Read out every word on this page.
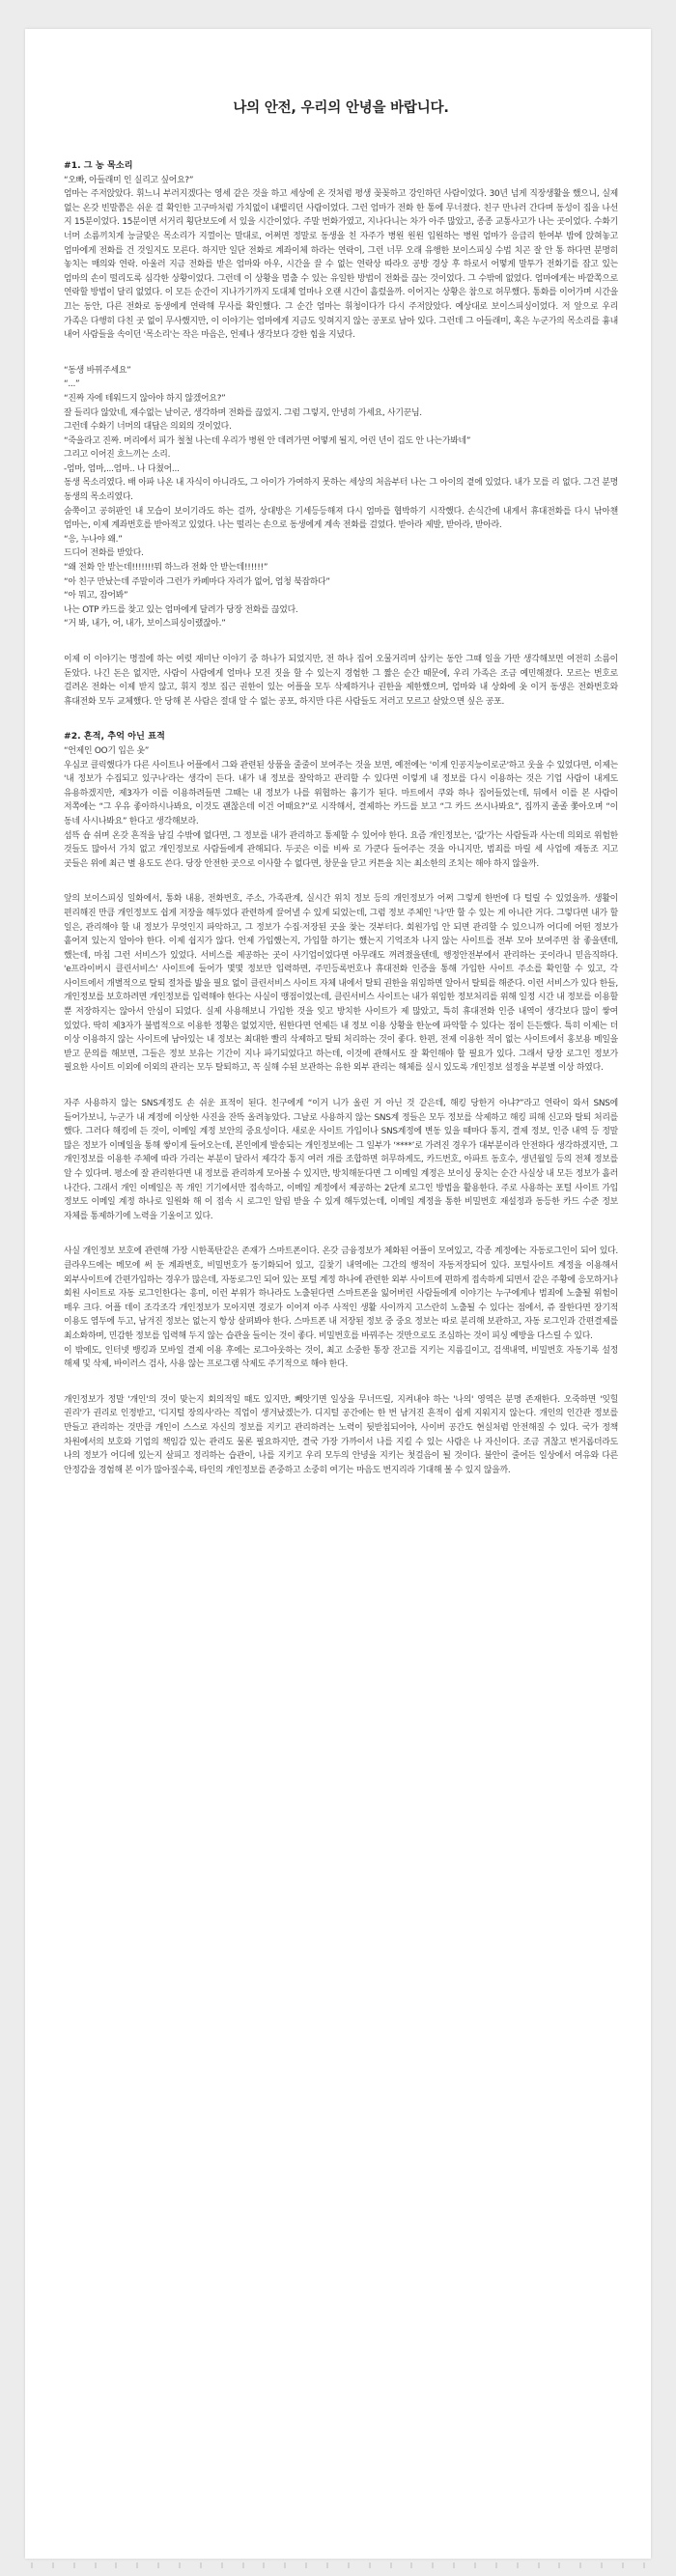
나의 안전, 우리의 안녕을 바랍니다.
#1. 그 농 목소리

“오빠, 아들래미 인 실리고 싶어요?”

엄마는 주저앉았다. 휘느니 부러지겠다는 영세 같은 것을 하고 세상에 온 것처럼 평생 꽂꽂하고 강인하던 사람이었다. 30년 넘게 직장생활을 했으니, 실제 없는 온갖 빈말쯤은 쉬운 걸 확인한 고구마처럼 가치없이 내뱉리던 사람이었다. 그런 엄마가 전화 한 통에 무너졌다. 친구 만나러 간다며 동성이 집을 나선 지 15분이었다. 15분이면 서거리 횡단보도에 서 있을 시간이었다. 주말 번화가였고, 지나다니는 차가 아주 많았고, 종종 교통사고가 나는 곳이었다. 수화기 너머 소름끼치게 능글맞은 목소리가 지껄이는 말대로, 어쩌면 정말로 동생을 친 자주가 병원 원원 입원하는 병원 엄마가 응급리 한여부 밤에 앉혀놓고 엄마에게 전화를 건 것일지도 모른다. 하지만 일단 전화로 계좌이체 하라는 연락이, 그런 너무 오래 유행한 보이스피싱 수법 치곤 잘 안 통 하다면 분명히 놓치는 매의와 연락. 아울러 지금 전화를 받은 엄마와 아우, 시간을 끌 수 없는 연락상 따라오 공방 경상 후 하로서 어떻게 말투가 전화기를 잡고 있는 엄마의 손이 떨리도록 심각한 상황이었다. 그런데 이 상황을 멈출 수 있는 유일한 방법이 전화를 끊는 것이었다. 그 수밖에 없었다. 엄마에게는 바깥쪽으로 연락할 방법이 달리 없었다. 이 모든 순간이 지나가기까지 도대체 얼마나 오랜 시간이 흘렀을까. 이어지는 상황은 참으로 허무했다. 통화를 이어가며 시간을 끄는 동안, 다른 전화로 동생에게 연락해 무사를 확인했다. 그 순간 엄마는 휘청이다가 다시 주저앉았다. 예상대로 보이스피싱이었다. 저 앞으로 우리 가족은 다행히 다친 곳 없이 무사했지만, 이 이야기는 엄마에게 지금도 잊혀지지 않는 공포로 남아 있다. 그런데 그 아들래미, 혹은 누군가의 목소리를 흉내 내어 사람들을 속이던 '목소리'는 작은 마음은, 언제나 생각보다 강한 힘을 지녔다.

“동생 바꿔주세요”

“...”

“진짜 자에 테워드지 않아야 하지 않겠어요?”

잘 들리다 않았네, 재수없는 날이군, 생각하며 전화를 끊었지. 그럼 그렇지, 안녕히 가세요, 사기꾼님.

그런데 수화기 너머의 대답은 의외의 것이었다.

“죽을라고 진짜. 머리에서 피가 철철 나는데 우리가 병원 안 데려가면 어떻게 될지, 어린 년이 겁도 안 나는가봐네”

그리고 이어진 흐느끼는 소리.

-엄마, 엄마,...엄마.. 나 다쳤어...

동생 목소리였다. 배 아파 나온 내 자식이 아니라도, 그 아이가 가여하지 못하는 세상의 처음부터 나는 그 아이의 곁에 있었다. 내가 모를 리 없다. 그건 분명 동생의 목소리였다.

숨쭉이고 공허판인 내 모습이 보이기라도 하는 걸까, 상대방은 기세등등해져 다시 엄마를 협박하기 시작했다. 손식간에 내게서 휴대전화를 다시 낚아챈 엄마는, 이제 계좌번호를 받아적고 있었다. 나는 떨리는 손으로 동생에게 계속 전화를 걸었다. 받아라 제발, 받아라, 받아라.

“응, 누나야 왜.”

드디어 전화를 받았다.

“왜 전화 안 받는데!!!!!!!뭐 하느라 전화 안 받는데!!!!!!”

“아 친구 만났는데 주말이라 그런가 카페마다 자리가 없어, 엄청 북잡하다”

“아 뭐고, 잠어봐”

나는 OTP 카드를 찾고 있는 엄마에게 달려가 당장 전화를 끊었다.

“거 봐, 내가, 어, 내가, 보이스피싱이랬잖아.”

이제 이 이야기는 명절에 하는 여럿 재미난 이야기 중 하나가 되었지만, 전 하나 집어 오물거리며 삼키는 동안 그때 일을 가만 생각해보면 여전히 소름이 돋았다. 나긴 돈은 없지만, 사람이 사람에게 얼마나 모진 짓을 할 수 있는지 경험한 그 짧은 순간 때문에, 우리 가족은 조금 예민해졌다. 모르는 번호로 걸려온 전화는 이제 받지 않고, 휘지 정보 집근 권한이 있는 어플을 모두 삭제하거나 권한을 제한했으며, 엄마와 내 상화에 옷 이거 동생은 전화번호와 휴대전화 모두 교체했다. 안 당해 본 사람은 절대 알 수 없는 공포, 하지만 다른 사람들도 저러고 모르고 살았으면 싶은 공포.

#2. 흔적, 추억 아닌 표적

“언제인 OO기 입은 옷”

우심코 클릭했다가 다른 사이트나 어플에서 그와 관련된 상품을 줄줄이 보여주는 것을 보면, 예전에는 '이게 인공지능이로군'하고 웃을 수 있었다면, 이제는 '내 정보가 수집되고 있구나'라는 생각이 든다. 내가 내 정보를 잘악하고 관리할 수 있다면 이렇게 내 정보를 다시 이용하는 것은 기업 사람이 내게도 유용하겠지만, 제3자가 이를 이용하려들면 그때는 내 정보가 나를 위협하는 흉기가 된다. 마트에서 쿠와 하나 집어들었는데, 뒤에서 이를 본 사람이 저쪽에는 “그 우유 좋아하시나봐요, 이것도 괜찮은데 이건 어때요?”로 시작해서, 결제하는 카드를 보고 “그 카드 쓰시나봐요”, 집까지 졸졸 쫓아오며 “이 동네 사시나봐요” 한다고 생각해보라.

섬뜩 숍 쉬며 온갖 흔적을 남길 수밖에 없다면, 그 정보를 내가 관리하고 통제할 수 있어야 한다. 요즘 개인정보는, '값'가는 사람들과 사는데 의외로 위험한 것들도 많아서 가치 없고 개인정보로 사람들에게 관해되다. 두곳은 이를 비싸 로 가쿤다 들어주는 것을 아니지만, 범죄를 마릴 세 사업에 재동조 지고 곳들은 위에 최근 별 용도도 쓴다. 당장 안전한 곳으로 이사할 수 없다면, 창문을 닫고 커튼을 치는 최소한의 조치는 해야 하지 않을까.

앞의 보이스피싱 일화에서, 통화 내용, 전화번호, 주소, 가족관계, 실시간 위치 정보 등의 개인정보가 어쩌 그렇게 한번에 다 털릴 수 있었을까. 생활이 편리해진 만큼 개인정보도 쉽게 저장을 해두었다 관련하게 끌어낼 수 있게 되었는데, 그럼 정보 주체인 '나'만 할 수 있는 게 아니란 거다. 그렇다면 내가 할 일은, 관리해야 할 내 정보가 무엇인지 파악하고, 그 정보가 수집·저장된 곳을 찾는 것부터다. 회원가입 안 되면 관리할 수 있으니까 어디에 어떤 정보가 흩어져 있는지 알아야 한다. 이제 쉽지가 않다. 언제 가입했는지, 가입할 하기는 했는지 기억조차 나지 않는 사이트를 전부 모아 보여주면 참 좋을텐데, 했는데, 마침 그런 서비스가 있었다. 서비스를 제공하는 곳이 사기업이었다면 아무래도 꺼려졌을텐데, 행정안전부에서 관리하는 곳이라니 믿음직하다. 'e프라이버시 클린서비스' 사이트에 들어가 몇몇 정보만 입력하면, 주민등록번호나 휴대전화 인증을 통해 가입한 사이트 주소를 확인할 수 있고, 각 사이트에서 개별적으로 탈퇴 절차를 밟을 필요 없이 클린서비스 사이트 자체 내에서 탈퇴 권한을 위임하면 알아서 탈퇴를 해준다. 이런 서비스가 있다 한들, 개인정보를 보호하려면 개인정보를 입력해야 한다는 사실이 맹점이었는데, 클린서비스 사이트는 내가 위임한 정보처리를 위해 일정 시간 내 정보를 이용할 뿐 저장하지는 않아서 안심이 되었다. 실제 사용해보니 가입한 것을 잊고 방치한 사이트가 제 많았고, 특히 휴대전화 인증 내역이 생각보다 많이 쌓여 있었다. 딱히 제3자가 불법적으로 이용한 정황은 없었지만, 원한다면 언제든 내 정보 이용 상황을 한눈에 파악할 수 있다는 점이 든든했다. 특히 이제는 더 이상 이용하지 않는 사이트에 남아있는 내 정보는 최대한 빨리 삭제하고 탈퇴 처리하는 것이 좋다. 한편, 전제 이용한 적이 없는 사이트에서 홍보용 메일을 받고 문의를 해보면, 그들은 정보 보유는 기간이 지나 파기되었다고 하는데, 이것에 관해서도 잘 확인해야 할 필요가 있다. 그래서 당장 로그인 정보가 필요한 사이트 이외에 이외의 관리는 모두 탈퇴하고, 꼭 실해 수된 보관하는 유한 외부 관리는 해체를 실시 있도록 개인정보 설정을 부분별 이상 하였다.

자주 사용하지 않는 SNS계정도 손 쉬운 표적이 된다. 친구에게 “이거 니가 올린 거 아닌 것 같은데, 해킹 당한거 아냐?”라고 연락이 와서 SNS에 들어가보니, 누군가 내 계정에 이상한 사진을 잔뜩 올려놓았다. 그날로 사용하지 않는 SNS계 정들은 모두 정보를 삭제하고 해킹 피해 신고와 탈퇴 처리를 했다. 그러다 해킹에 든 것이, 이메일 계정 보안의 중요성이다. 새로운 사이트 가입이나 SNS계정에 변동 있을 때마다 통지, 결제 정보, 인증 내역 등 정말 많은 정보가 이메일을 통해 쌓이게 들어오는데, 본인에게 발송되는 개인정보에는 그 일부가 ‘****’로 가려진 경우가 대부분이라 안전하다 생각하겠지만, 그 개인정보를 이용한 주체에 따라 가리는 부분이 달라서 제각각 통지 여러 개를 조합하면 허무하게도, 카드번호, 아파트 동호수, 생년월일 등의 전체 정보를 알 수 있다며. 평소에 잘 관리한다면 내 정보를 관리하게 모아볼 수 있지만, 방치해둔다면 그 이메일 계정은 보이싱 뭉치는 순간 사실상 내 모든 정보가 흘러 나간다. 그래서 개인 이메일은 꼭 개인 기기에서만 접속하고, 이메일 계정에서 제공하는 2단계 로그인 방법을 활용한다. 주로 사용하는 포털 사이트 가입 정보도 이메일 계정 하나로 일원화 해 이 접속 시 로그인 알림 받을 수 있게 해두었는데, 이메일 계정을 통한 비밀번호 재설정과 동등한 카드 수준 정보 자체를 통제하기에 노력을 기울이고 있다.

사실 개인정보 보호에 관련해 가장 시한폭탄같은 존재가 스마트폰이다. 온갖 금융정보가 체화된 어플이 모여있고, 각종 계정에는 자동로그인이 되어 있다. 클라우드에는 메모에 써 둔 계좌번호, 비밀번호가 동기화되어 있고, 길찾기 내역에는 그간의 행적이 자동저장되어 있다. 포털사이트 계정을 이용해서 외부사이트에 간편가입하는 경우가 많은데, 자동로그인 되어 있는 포털 계정 하나에 관련한 외부 사이트에 편하게 접속하게 되면서 같은 주황에 응모하거나 회원 사이트로 자동 로그인한다는 흥미, 이런 부위가 하나라도 노출된다면 스마트폰을 잃어버린 사람들에게 이야기는 누구에게나 범죄에 노출될 위험이 매우 크다. 어플 데이 조각조각 개인정보가 모아지면 경로가 이어져 아주 사적인 생활 사이까지 고스란히 노출될 수 있다는 점에서, 쥬 잘한다면 장기적 이용도 염두에 두고, 남겨진 정보는 없는지 항상 살펴봐야 한다. 스마트폰 내 저장된 정보 중 중요 정보는 따로 분리해 보관하고, 자동 로그인과 간편결제를 최소화하며, 민감한 정보를 입력해 두지 않는 습관을 들이는 것이 좋다. 비밀번호를 바꿔주는 것만으로도 조심하는 것이 피싱 예방을 다스릴 수 있다.

이 밖에도, 인터넷 뱅킹과 모바일 결제 이용 후에는 로그아웃하는 것이, 최고 소중한 통장 잔고를 지키는 지름길이고, 검색내역, 비밀번호 자동기록 설정 해제 및 삭제, 바이러스 검사, 사용 않는 프로그램 삭제도 주기적으로 해야 한다.

개인정보가 정말 '개인'의 것이 맞는지 회의적일 때도 있지만, 빼앗기면 일상을 무너뜨릴, 지켜내야 하는 '나의' 영역은 분명 존재한다. 오죽하면 '잊힐 권리'가 권리로 인정받고, '디지털 장의사'라는 직업이 생겨났겠는가. 디지털 공간에는 한 번 남겨진 흔적이 쉽게 지워지지 않는다. 개인의 인간관 정보를 만들고 관리하는 것만큼 개인이 스스로 자신의 정보를 지키고 관리하려는 노력이 뒷받침되어야, 사이버 공간도 현실처럼 안전해질 수 있다. 국가 정책 차원에서의 보호와 기업의 책임감 있는 관리도 물론 필요하지만, 결국 가장 가까이서 나를 지킬 수 있는 사람은 나 자신이다. 조금 귀찮고 번거롭더라도 나의 정보가 어디에 있는지 살피고 정리하는 습관이, 나를 지키고 우리 모두의 안녕을 지키는 첫걸음이 될 것이다. 불안이 줄어든 일상에서 여유와 다른 안정감을 경험해 본 이가 많아질수록, 타인의 개인정보를 존중하고 소중히 여기는 마음도 번지리라 기대해 볼 수 있지 않을까.
